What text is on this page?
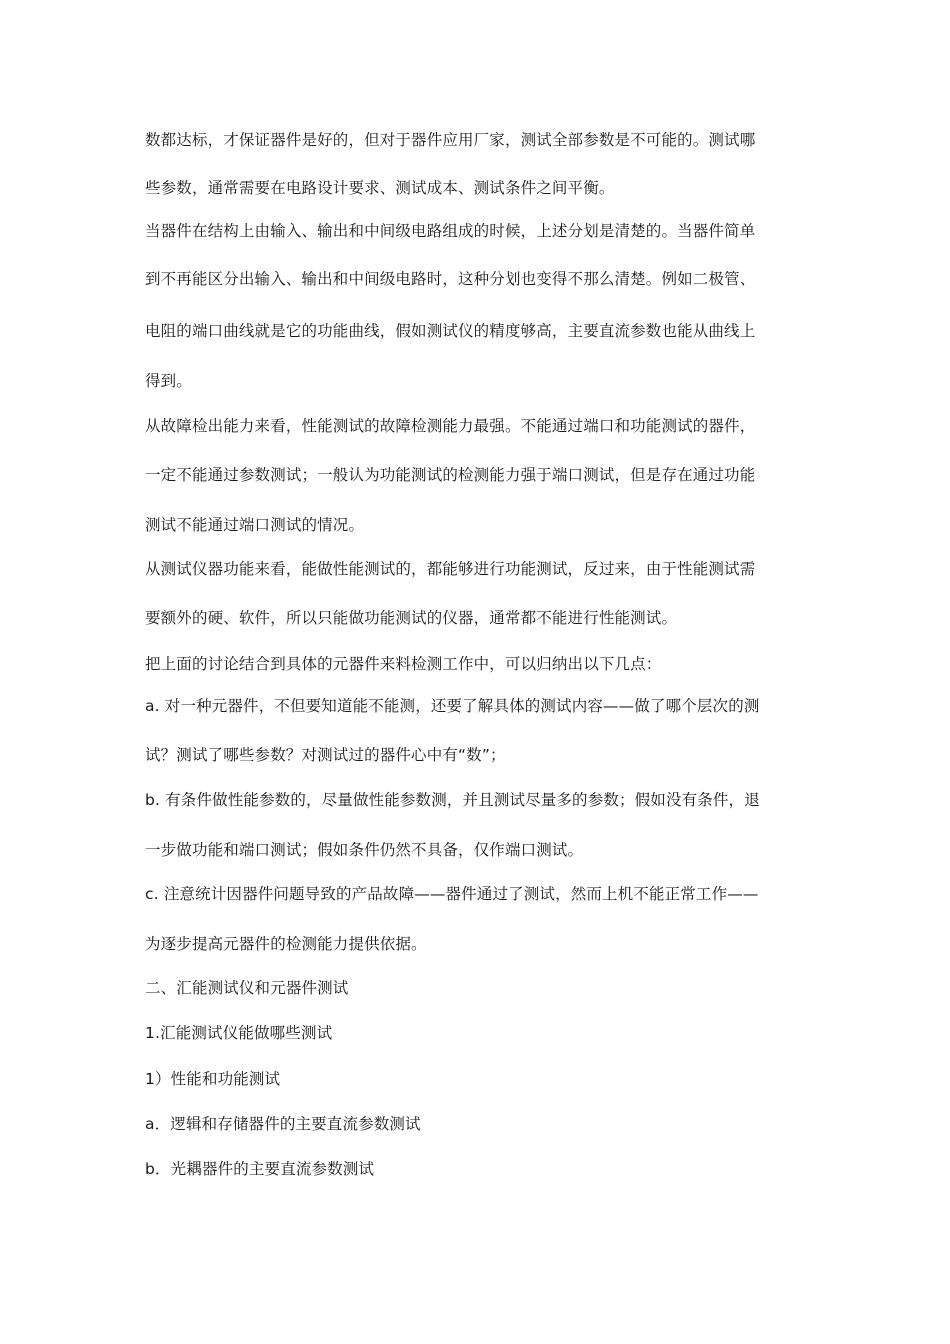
数都达标，才保证器件是好的，但对于器件应用厂家，测试全部参数是不可能的。测试哪
些参数，通常需要在电路设计要求、测试成本、测试条件之间平衡。
当器件在结构上由输入、输出和中间级电路组成的时候，上述分划是清楚的。当器件简单
到不再能区分出输入、输出和中间级电路时，这种分划也变得不那么清楚。例如二极管、
电阻的端口曲线就是它的功能曲线，假如测试仪的精度够高，主要直流参数也能从曲线上
得到。
从故障检出能力来看，性能测试的故障检测能力最强。不能通过端口和功能测试的器件，
一定不能通过参数测试；一般认为功能测试的检测能力强于端口测试，但是存在通过功能
测试不能通过端口测试的情况。
从测试仪器功能来看，能做性能测试的，都能够进行功能测试，反过来，由于性能测试需
要额外的硬、软件，所以只能做功能测试的仪器，通常都不能进行性能测试。
把上面的讨论结合到具体的元器件来料检测工作中，可以归纳出以下几点：
a. 对一种元器件，不但要知道能不能测，还要了解具体的测试内容——做了哪个层次的测
试？测试了哪些参数？对测试过的器件心中有“数”；
b. 有条件做性能参数的，尽量做性能参数测，并且测试尽量多的参数；假如没有条件，退
一步做功能和端口测试；假如条件仍然不具备，仅作端口测试。
c. 注意统计因器件问题导致的产品故障——器件通过了测试，然而上机不能正常工作——
为逐步提高元器件的检测能力提供依据。
二、汇能测试仪和元器件测试
1.汇能测试仪能做哪些测试
1）性能和功能测试
a．逻辑和存储器件的主要直流参数测试
b．光耦器件的主要直流参数测试
